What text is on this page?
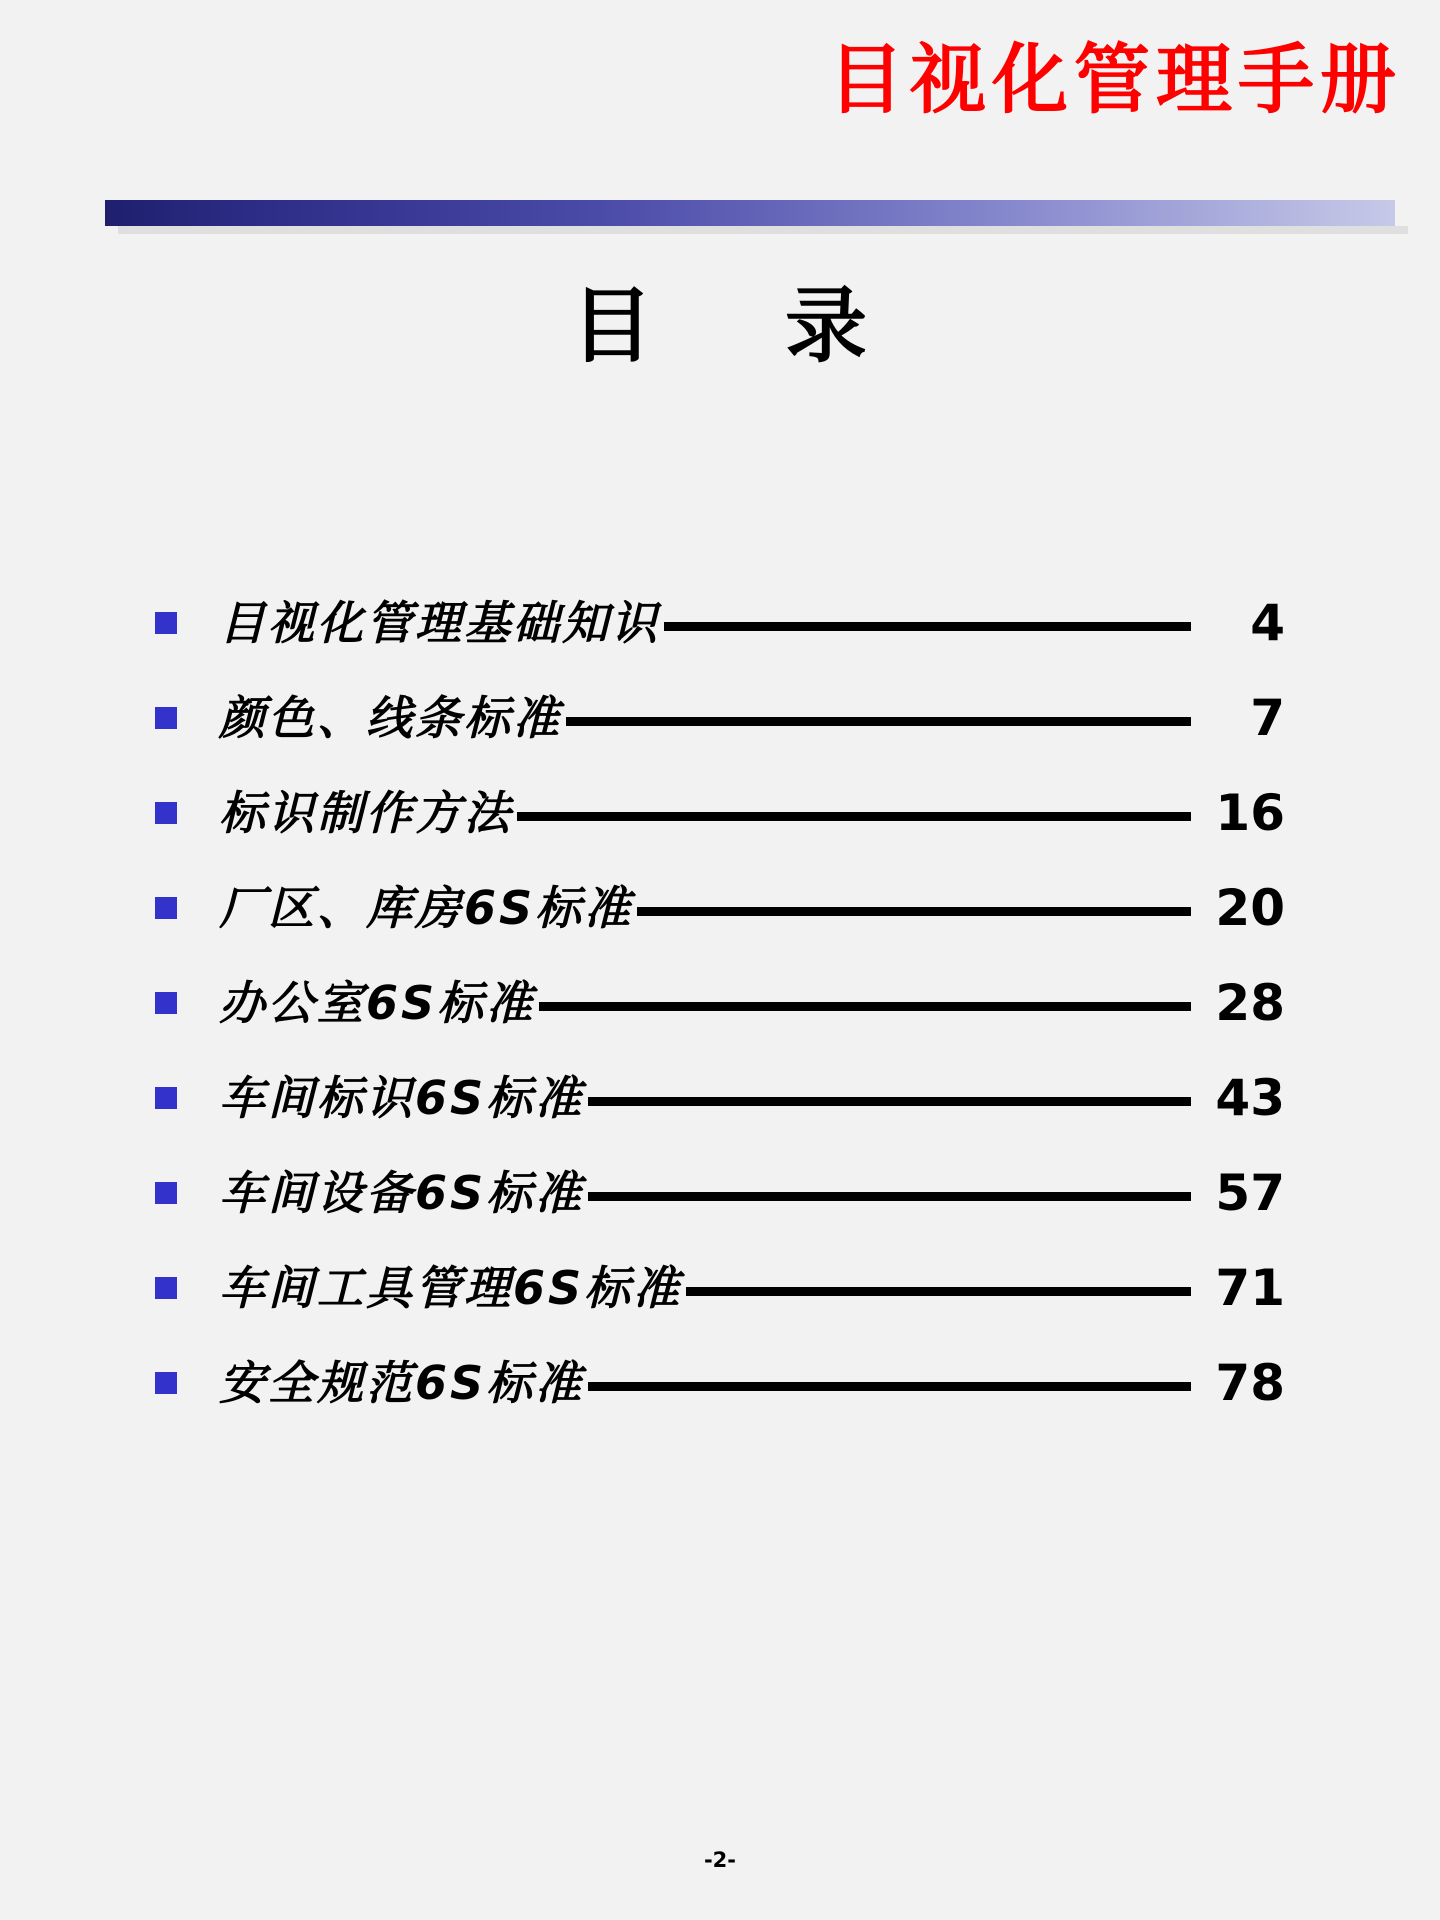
目视化管理手册
目 录
目视化管理基础知识	4
颜色、线条标准	7
标识制作方法	16
厂区、库房6S标准	20
办公室6S标准	28
车间标识6S标准	43
车间设备6S标准	57
车间工具管理6S标准	71
安全规范6S标准	78
-2-
